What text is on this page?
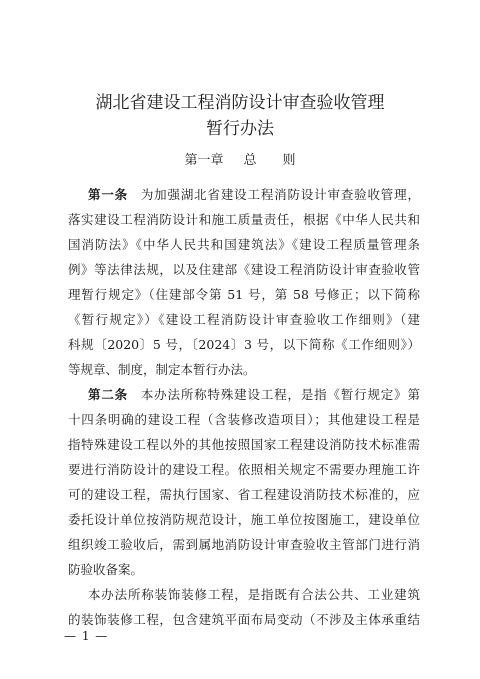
湖北省建设工程消防设计审查验收管理
暂行办法
第一章 总　　则
第一条 为加强湖北省建设工程消防设计审查验收管理，
落实建设工程消防设计和施工质量责任，根据《中华人民共和
国消防法》《中华人民共和国建筑法》《建设工程质量管理条
例》等法律法规，以及住建部《建设工程消防设计审查验收管
理暂行规定》（住建部令第 51 号，第 58 号修正；以下简称
《暂行规定》）《建设工程消防设计审查验收工作细则》（建
科规〔2020〕5 号，〔2024〕3 号，以下简称《工作细则》）
等规章、制度，制定本暂行办法。
第二条 本办法所称特殊建设工程，是指《暂行规定》第
十四条明确的建设工程（含装修改造项目）；其他建设工程是
指特殊建设工程以外的其他按照国家工程建设消防技术标准需
要进行消防设计的建设工程。依照相关规定不需要办理施工许
可的建设工程，需执行国家、省工程建设消防技术标准的，应
委托设计单位按消防规范设计，施工单位按图施工，建设单位
组织竣工验收后，需到属地消防设计审查验收主管部门进行消
防验收备案。
本办法所称装饰装修工程，是指既有合法公共、工业建筑
的装饰装修工程，包含建筑平面布局变动（不涉及主体承重结
— 1 —
